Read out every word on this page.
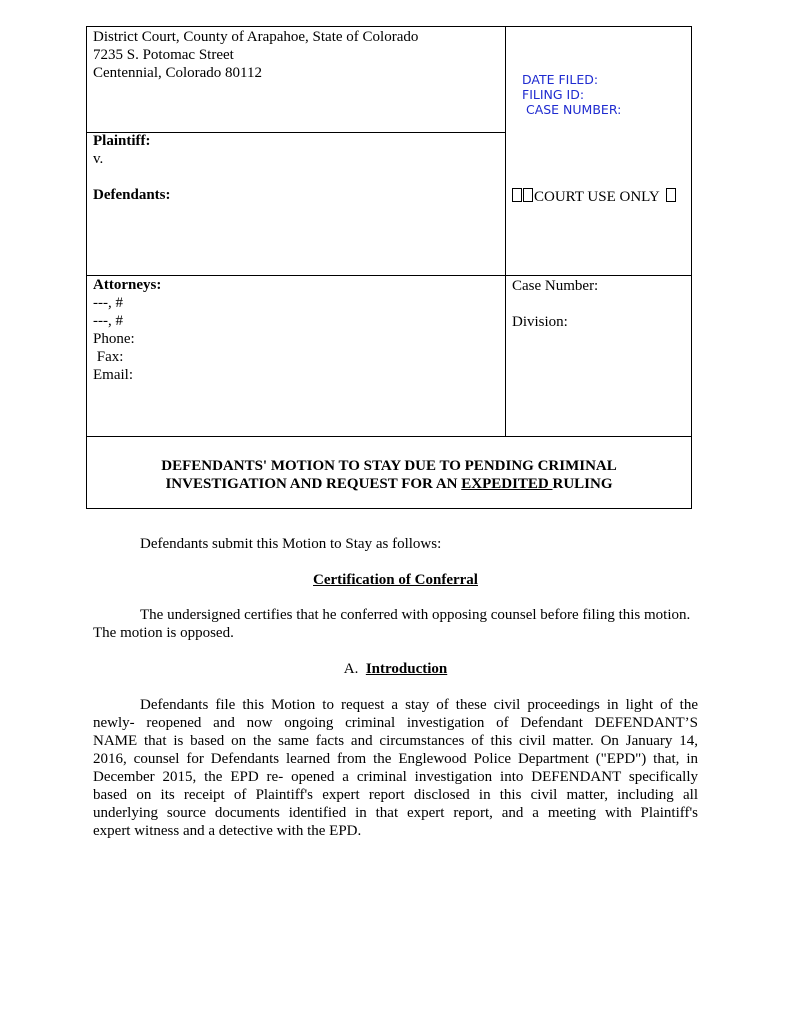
District Court, County of Arapahoe, State of Colorado
7235 S. Potomac Street
Centennial, Colorado 80112
Plaintiff:
v.
Defendants:
Attorneys:
---, #
---, #
Phone:
Fax:
Email:
DATE FILED:
FILING ID:
CASE NUMBER:
COURT USE ONLY
Case Number:
Division:
DEFENDANTS' MOTION TO STAY DUE TO PENDING CRIMINAL
INVESTIGATION AND REQUEST FOR AN EXPEDITED RULING
Defendants submit this Motion to Stay as follows:
Certification of Conferral
The undersigned certifies that he conferred with opposing counsel before filing this motion.
The motion is opposed.
A. Introduction
Defendants file this Motion to request a stay of these civil proceedings in light of the
newly- reopened and now ongoing criminal investigation of Defendant DEFENDANT’S
NAME that is based on the same facts and circumstances of this civil matter. On January 14,
2016, counsel for Defendants learned from the Englewood Police Department ("EPD") that, in
December 2015, the EPD re- opened a criminal investigation into DEFENDANT specifically
based on its receipt of Plaintiff's expert report disclosed in this civil matter, including all
underlying source documents identified in that expert report, and a meeting with Plaintiff's
expert witness and a detective with the EPD.
